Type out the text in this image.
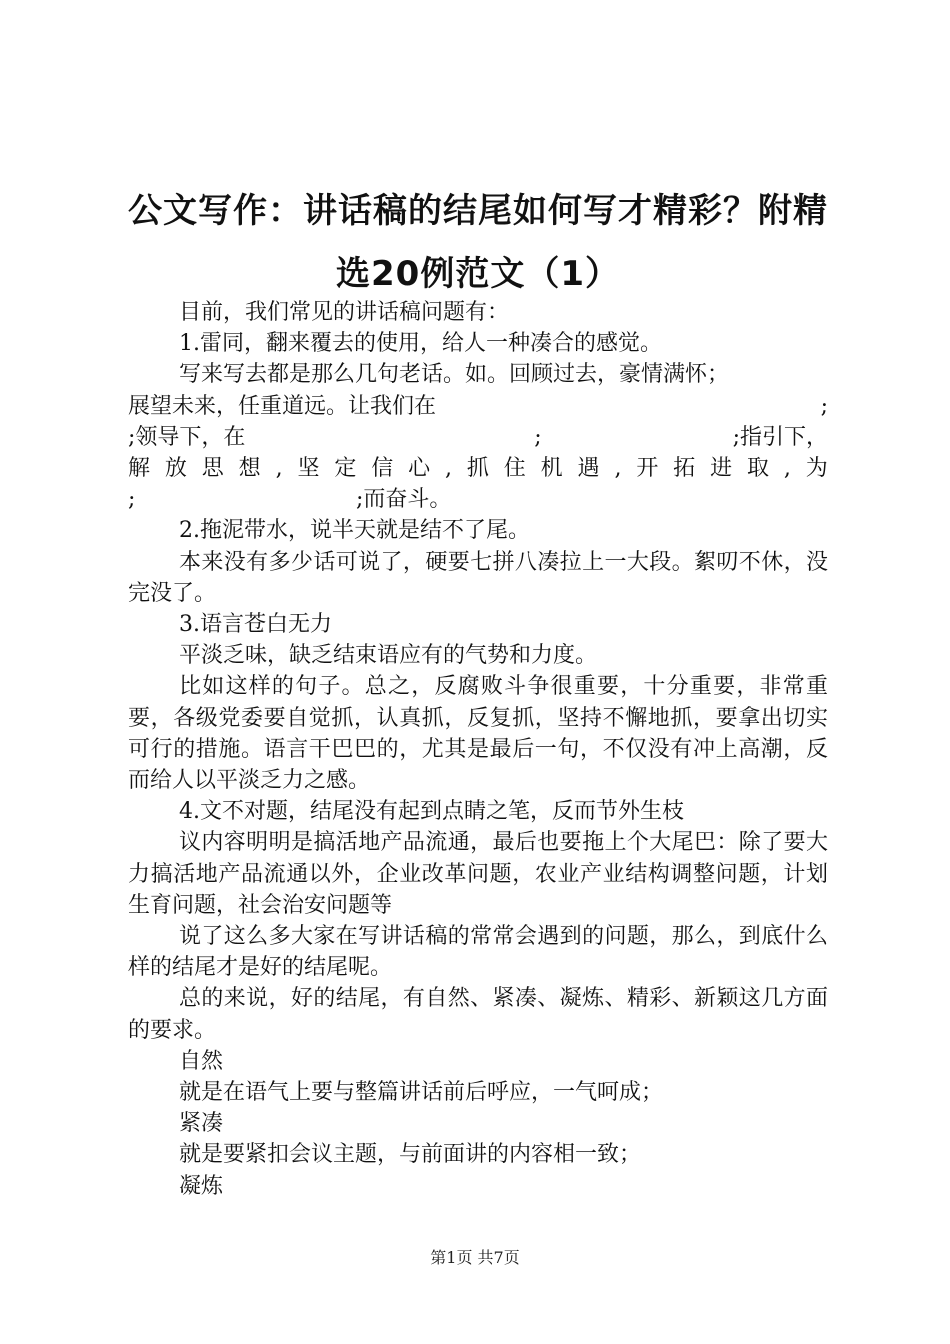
公文写作：讲话稿的结尾如何写才精彩？附精
选20例范文（1）

目前，我们常见的讲话稿问题有：

1.雷同，翻来覆去的使用，给人一种凑合的感觉。

写来写去都是那么几句老话。如。回顾过去，豪情满怀；

展望未来，任重道远。让我们在	;
;领导下，在	;	;指引下，
解 放 思 想 , 坚 定 信 心 , 抓 住 机 遇 , 开 拓 进 取 , 为
;	;而奋斗。

2.拖泥带水，说半天就是结不了尾。

本来没有多少话可说了，硬要七拼八凑拉上一大段。絮叨不休，没完没了。

3.语言苍白无力

平淡乏味，缺乏结束语应有的气势和力度。

比如这样的句子。总之，反腐败斗争很重要，十分重要，非常重要，各级党委要自觉抓，认真抓，反复抓，坚持不懈地抓，要拿出切实可行的措施。语言干巴巴的，尤其是最后一句，不仅没有冲上高潮，反而给人以平淡乏力之感。

4.文不对题，结尾没有起到点睛之笔，反而节外生枝

议内容明明是搞活地产品流通，最后也要拖上个大尾巴：除了要大力搞活地产品流通以外，企业改革问题，农业产业结构调整问题，计划生育问题，社会治安问题等

说了这么多大家在写讲话稿的常常会遇到的问题，那么，到底什么样的结尾才是好的结尾呢。

总的来说，好的结尾，有自然、紧凑、凝炼、精彩、新颖这几方面的要求。

自然

就是在语气上要与整篇讲话前后呼应，一气呵成；

紧凑

就是要紧扣会议主题，与前面讲的内容相一致；

凝炼

第1页 共7页
